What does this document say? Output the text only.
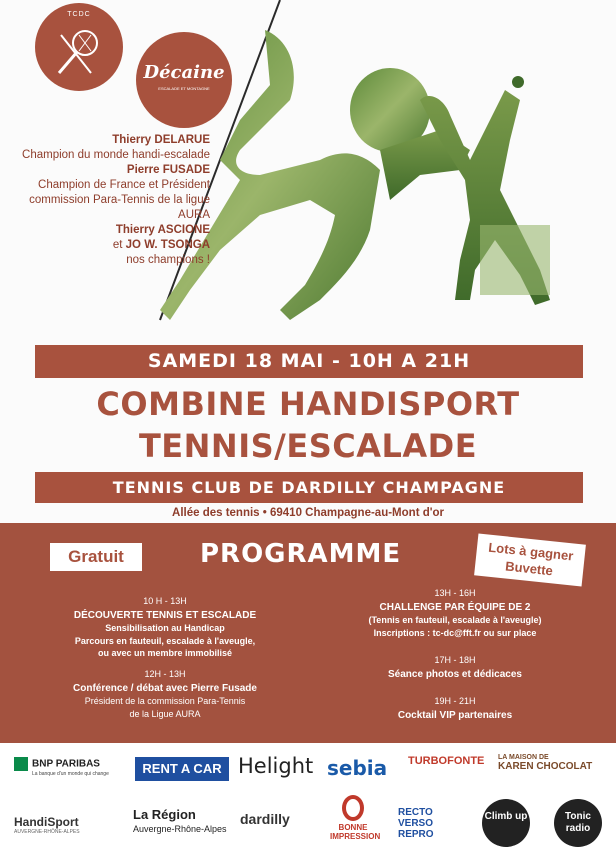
TCDC
Décaine
ESCALADE ET MONTAGNE
Thierry DELARUE
Champion du monde handi-escalade
Pierre FUSADE
Champion de France et Président commission Para-Tennis de la ligue AURA
Thierry ASCIONE
et JO W. TSONGA
nos champions !
SAMEDI 18 MAI - 10H A 21H
COMBINE HANDISPORT
TENNIS/ESCALADE
TENNIS CLUB DE DARDILLY CHAMPAGNE
Allée des tennis • 69410 Champagne-au-Mont d'or
Gratuit	PROGRAMME	Lots à gagner
Buvette
10 H - 13H
DÉCOUVERTE TENNIS ET ESCALADE
Sensibilisation au Handicap
Parcours en fauteuil, escalade à l'aveugle,
ou avec un membre immobilisé
12H - 13H
Conférence / débat avec Pierre Fusade
Président de la commission Para-Tennis
de la Ligue AURA
13H - 16H
CHALLENGE PAR ÉQUIPE DE 2
(Tennis en fauteuil, escalade à l'aveugle)
Inscriptions : tc-dc@fft.fr ou sur place
17H - 18H
Séance photos et dédicaces
19H - 21H
Cocktail VIP partenaires
BNP PARIBAS
La banque d'un monde qui change	RENT A CAR Helight sebia TURBOFONTE LA MAISON DE
KAREN CHOCOLAT
HandiSport
AUVERGNE-RHÔNE-ALPES
La Région
Auvergne-Rhône-Alpes
dardilly
BONNE IMPRESSION
RECTO
VERSO
REPRO
Climb up	Tonic
radio
